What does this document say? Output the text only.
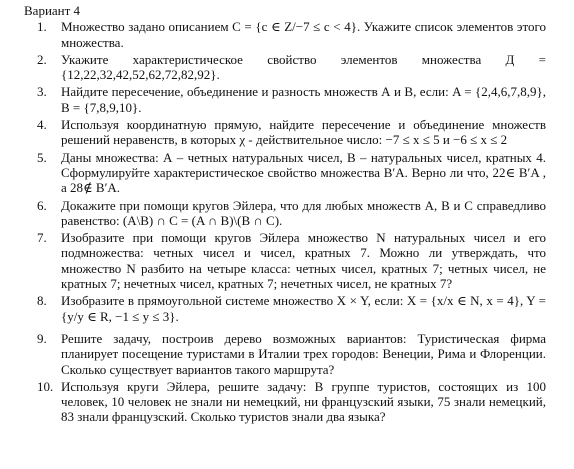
Вариант 4
1. Множество задано описанием C = {c ∈ Z/−7 ≤ c < 4}. Укажите список элементов этого множества.
2. Укажите характеристическое свойство элементов множества Д = {12,22,32,42,52,62,72,82,92}.
3. Найдите пересечение, объединение и разность множеств А и В, если: A = {2,4,6,7,8,9}, B = {7,8,9,10}.
4. Используя координатную прямую, найдите пересечение и объединение множеств решений неравенств, в которых χ - действительное число: −7 ≤ x ≤ 5 и −6 ≤ x ≤ 2
5. Даны множества: А – четных натуральных чисел, В – натуральных чисел, кратных 4. Сформулируйте характеристическое свойство множества B′A. Верно ли что, 22∈ B′A , а 28∉ B′A.
6. Докажите при помощи кругов Эйлера, что для любых множеств А, В и С справедливо равенство: (A\B) ∩ C = (A ∩ B)\(B ∩ C).
7. Изобразите при помощи кругов Эйлера множество N натуральных чисел и его подмножества: четных чисел и чисел, кратных 7. Можно ли утверждать, что множество N разбито на четыре класса: четных чисел, кратных 7; четных чисел, не кратных 7; нечетных чисел, кратных 7; нечетных чисел, не кратных 7?
8. Изобразите в прямоугольной системе множество X × Y, если: X = {x/x ∈ N, x = 4}, Y = {y/y ∈ R, −1 ≤ y ≤ 3}.
9. Решите задачу, построив дерево возможных вариантов: Туристическая фирма планирует посещение туристами в Италии трех городов: Венеции, Рима и Флоренции. Сколько существует вариантов такого маршрута?
10. Используя круги Эйлера, решите задачу: В группе туристов, состоящих из 100 человек, 10 человек не знали ни немецкий, ни французский языки, 75 знали немецкий, 83 знали французский. Сколько туристов знали два языка?
